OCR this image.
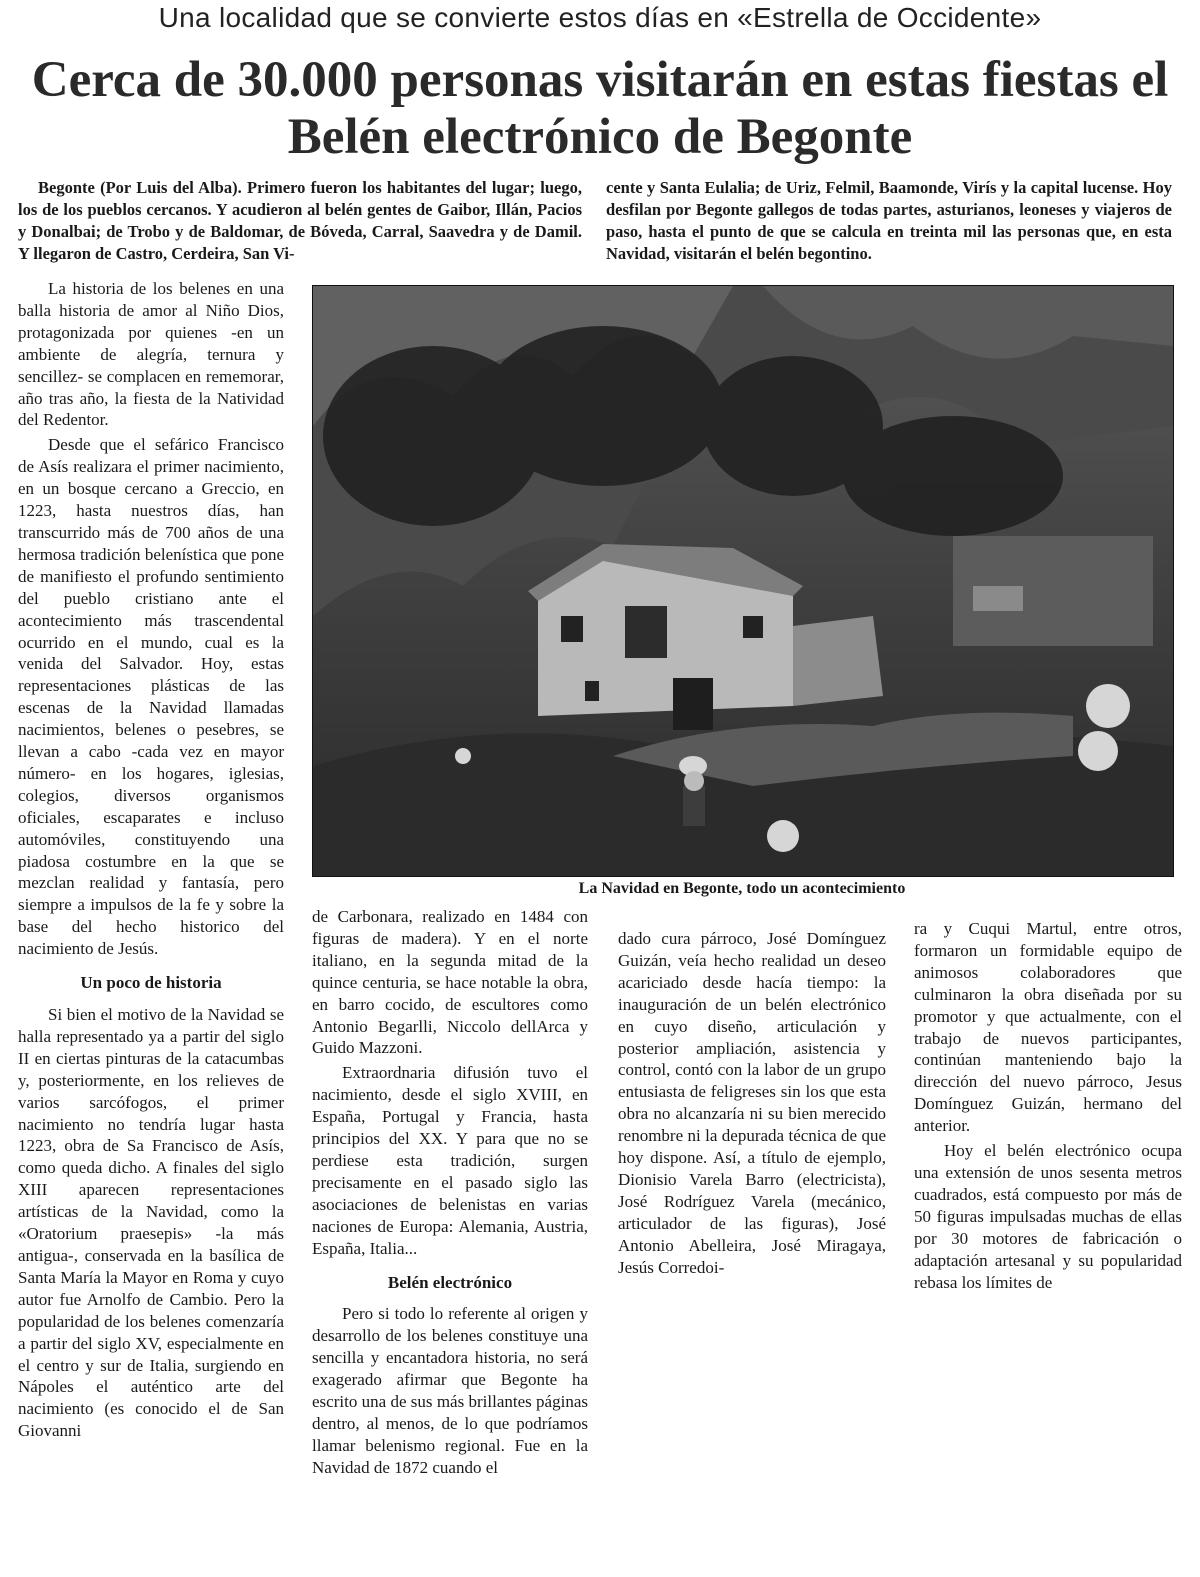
Una localidad que se convierte estos días en «Estrella de Occidente»
Cerca de 30.000 personas visitarán en estas fiestas el Belén electrónico de Begonte

Begonte (Por Luis del Alba). Primero fueron los habitantes del lugar; luego, los de los pueblos cercanos. Y acudieron al belén gentes de Gaibor, Illán, Pacios y Donalbai; de Trobo y de Baldomar, de Bóveda, Carral, Saavedra y de Damil. Y llegaron de Castro, Cerdeira, San Vi-

cente y Santa Eulalia; de Uriz, Felmil, Baamonde, Virís y la capital lucense. Hoy desfilan por Begonte gallegos de todas partes, asturianos, leoneses y viajeros de paso, hasta el punto de que se calcula en treinta mil las personas que, en esta Navidad, visitarán el belén begontino.

La Navidad en Begonte, todo un acontecimiento

La historia de los belenes en una balla historia de amor al Niño Dios, protagonizada por quienes -en un ambiente de alegría, ternura y sencillez- se complacen en rememorar, año tras año, la fiesta de la Natividad del Redentor.

Desde que el sefárico Francisco de Asís realizara el primer nacimiento, en un bosque cercano a Greccio, en 1223, hasta nuestros días, han transcurrido más de 700 años de una hermosa tradición belenística que pone de manifiesto el profundo sentimiento del pueblo cristiano ante el acontecimiento más trascendental ocurrido en el mundo, cual es la venida del Salvador. Hoy, estas representaciones plásticas de las escenas de la Navidad llamadas nacimientos, belenes o pesebres, se llevan a cabo -cada vez en mayor número- en los hogares, iglesias, colegios, diversos organismos oficiales, escaparates e incluso automóviles, constituyendo una piadosa costumbre en la que se mezclan realidad y fantasía, pero siempre a impulsos de la fe y sobre la base del hecho historico del nacimiento de Jesús.

Un poco de historia

Si bien el motivo de la Navidad se halla representado ya a partir del siglo II en ciertas pinturas de la catacumbas y, posteriormente, en los relieves de varios sarcófogos, el primer nacimiento no tendría lugar hasta 1223, obra de Sa Francisco de Asís, como queda dicho. A finales del siglo XIII aparecen representaciones artísticas de la Navidad, como la «Oratorium praesepis» -la más antigua-, conservada en la basílica de Santa María la Mayor en Roma y cuyo autor fue Arnolfo de Cambio. Pero la popularidad de los belenes comenzaría a partir del siglo XV, especialmente en el centro y sur de Italia, surgiendo en Nápoles el auténtico arte del nacimiento (es conocido el de San Giovanni

de Carbonara, realizado en 1484 con figuras de madera). Y en el norte italiano, en la segunda mitad de la quince centuria, se hace notable la obra, en barro cocido, de escultores como Antonio Begarlli, Niccolo dellArca y Guido Mazzoni.

Extraordnaria difusión tuvo el nacimiento, desde el siglo XVIII, en España, Portugal y Francia, hasta principios del XX. Y para que no se perdiese esta tradición, surgen precisamente en el pasado siglo las asociaciones de belenistas en varias naciones de Europa: Alemania, Austria, España, Italia...

Belén electrónico

Pero si todo lo referente al origen y desarrollo de los belenes constituye una sencilla y encantadora historia, no será exagerado afirmar que Begonte ha escrito una de sus más brillantes páginas dentro, al menos, de lo que podríamos llamar belenismo regional. Fue en la Navidad de 1872 cuando el

dado cura párroco, José Domínguez Guizán, veía hecho realidad un deseo acariciado desde hacía tiempo: la inauguración de un belén electrónico en cuyo diseño, articulación y posterior ampliación, asistencia y control, contó con la labor de un grupo entusiasta de feligreses sin los que esta obra no alcanzaría ni su bien merecido renombre ni la depurada técnica de que hoy dispone. Así, a título de ejemplo, Dionisio Varela Barro (electricista), José Rodríguez Varela (mecánico, articulador de las figuras), José Antonio Abelleira, José Miragaya, Jesús Corredoi-

ra y Cuqui Martul, entre otros, formaron un formidable equipo de animosos colaboradores que culminaron la obra diseñada por su promotor y que actualmente, con el trabajo de nuevos participantes, continúan manteniendo bajo la dirección del nuevo párroco, Jesus Domínguez Guizán, hermano del anterior.

Hoy el belén electrónico ocupa una extensión de unos sesenta metros cuadrados, está compuesto por más de 50 figuras impulsadas muchas de ellas por 30 motores de fabricación o adaptación artesanal y su popularidad rebasa los límites de
